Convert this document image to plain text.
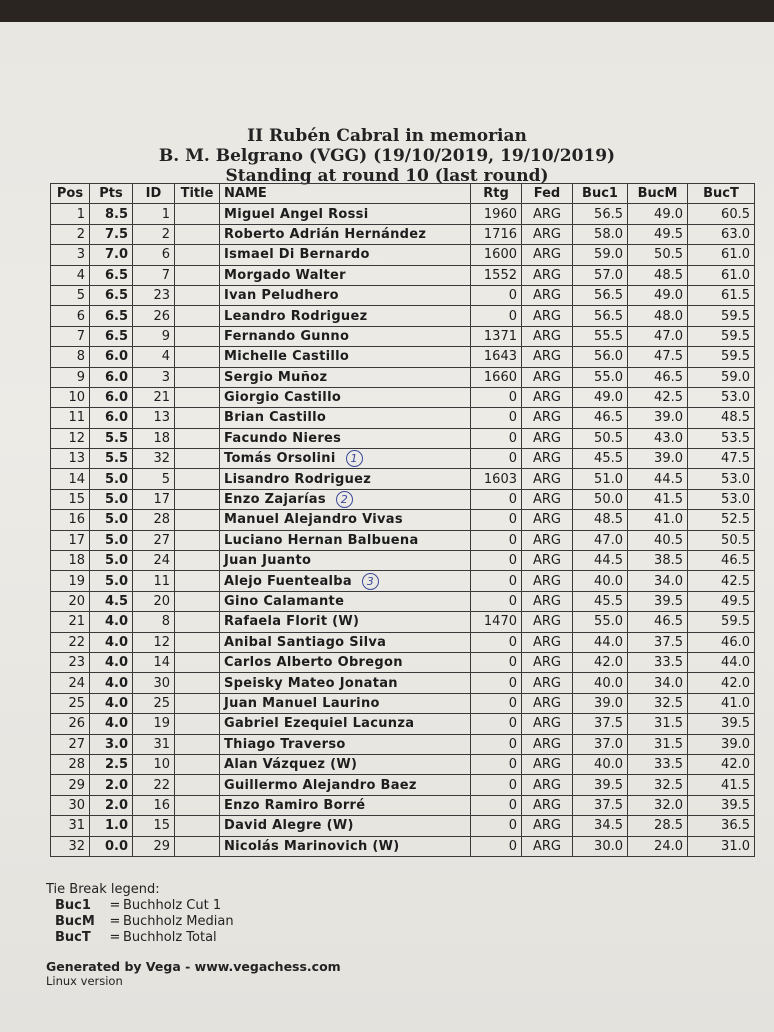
II Rubén Cabral in memorian
B. M. Belgrano (VGG) (19/10/2019, 19/10/2019)
Standing at round 10 (last round)
Pos	Pts	ID	Title	NAME	Rtg	Fed	Buc1	BucM	BucT
1	8.5	1		Miguel Angel Rossi	1960	ARG	56.5	49.0	60.5
2	7.5	2		Roberto Adrián Hernández	1716	ARG	58.0	49.5	63.0
3	7.0	6		Ismael Di Bernardo	1600	ARG	59.0	50.5	61.0
4	6.5	7		Morgado Walter	1552	ARG	57.0	48.5	61.0
5	6.5	23		Ivan Peludhero	0	ARG	56.5	49.0	61.5
6	6.5	26		Leandro Rodriguez	0	ARG	56.5	48.0	59.5
7	6.5	9		Fernando Gunno	1371	ARG	55.5	47.0	59.5
8	6.0	4		Michelle Castillo	1643	ARG	56.0	47.5	59.5
9	6.0	3		Sergio Muñoz	1660	ARG	55.0	46.5	59.0
10	6.0	21		Giorgio Castillo	0	ARG	49.0	42.5	53.0
11	6.0	13		Brian Castillo	0	ARG	46.5	39.0	48.5
12	5.5	18		Facundo Nieres	0	ARG	50.5	43.0	53.5
13	5.5	32		Tomás Orsolini 1	0	ARG	45.5	39.0	47.5
14	5.0	5		Lisandro Rodriguez	1603	ARG	51.0	44.5	53.0
15	5.0	17		Enzo Zajarías 2	0	ARG	50.0	41.5	53.0
16	5.0	28		Manuel Alejandro Vivas	0	ARG	48.5	41.0	52.5
17	5.0	27		Luciano Hernan Balbuena	0	ARG	47.0	40.5	50.5
18	5.0	24		Juan Juanto	0	ARG	44.5	38.5	46.5
19	5.0	11		Alejo Fuentealba 3	0	ARG	40.0	34.0	42.5
20	4.5	20		Gino Calamante	0	ARG	45.5	39.5	49.5
21	4.0	8		Rafaela Florit (W)	1470	ARG	55.0	46.5	59.5
22	4.0	12		Anibal Santiago Silva	0	ARG	44.0	37.5	46.0
23	4.0	14		Carlos Alberto Obregon	0	ARG	42.0	33.5	44.0
24	4.0	30		Speisky Mateo Jonatan	0	ARG	40.0	34.0	42.0
25	4.0	25		Juan Manuel Laurino	0	ARG	39.0	32.5	41.0
26	4.0	19		Gabriel Ezequiel Lacunza	0	ARG	37.5	31.5	39.5
27	3.0	31		Thiago Traverso	0	ARG	37.0	31.5	39.0
28	2.5	10		Alan Vázquez (W)	0	ARG	40.0	33.5	42.0
29	2.0	22		Guillermo Alejandro Baez	0	ARG	39.5	32.5	41.5
30	2.0	16		Enzo Ramiro Borré	0	ARG	37.5	32.0	39.5
31	1.0	15		David Alegre (W)	0	ARG	34.5	28.5	36.5
32	0.0	29		Nicolás Marinovich (W)	0	ARG	30.0	24.0	31.0
Tie Break legend:
Buc1	= Buchholz Cut 1
BucM	= Buchholz Median
BucT	= Buchholz Total
Generated by Vega - www.vegachess.com
Linux version
